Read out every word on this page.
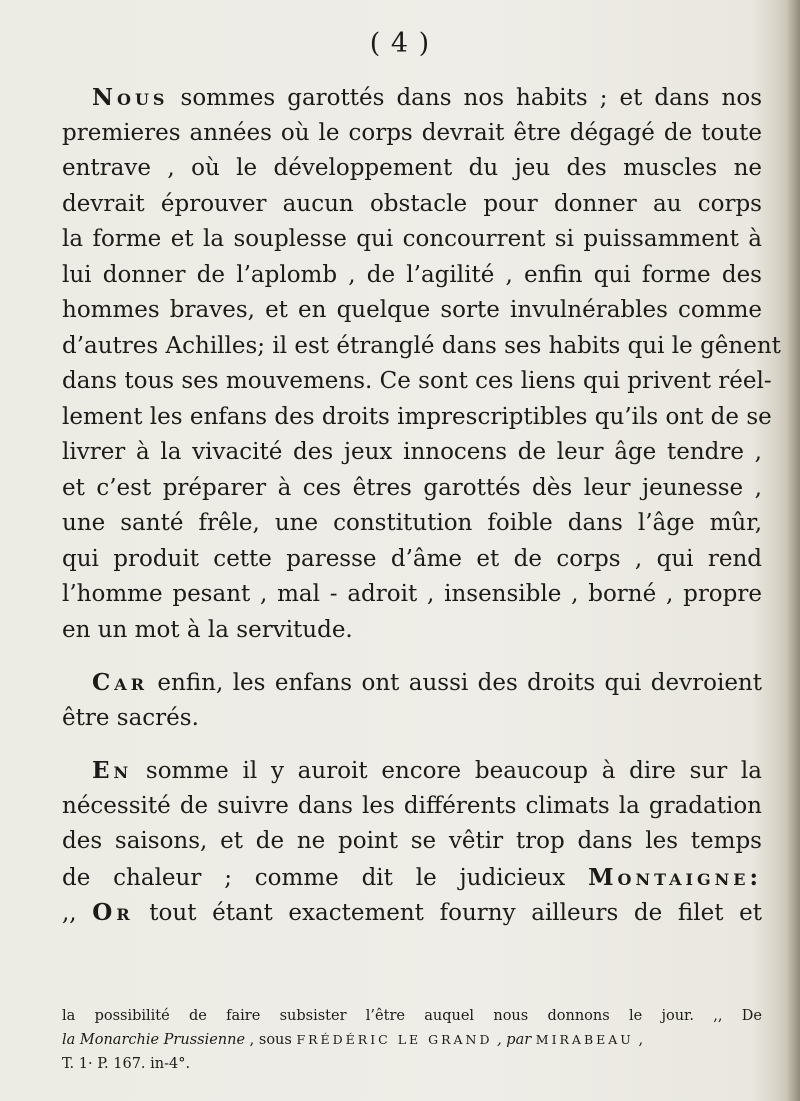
( 4 )
Nous sommes garottés dans nos habits ; et dans nos
premieres années où le corps devrait être dégagé de toute
entrave , où le développement du jeu des muscles ne
devrait éprouver aucun obstacle pour donner au corps
la forme et la souplesse qui concourrent si puissamment à
lui donner de l’aplomb , de l’agilité , enfin qui forme des
hommes braves, et en quelque sorte invulnérables comme
d’autres Achilles; il est étranglé dans ses habits qui le gênent
dans tous ses mouvemens. Ce sont ces liens qui privent réel-
lement les enfans des droits imprescriptibles qu’ils ont de se
livrer à la vivacité des jeux innocens de leur âge tendre ,
et c’est préparer à ces êtres garottés dès leur jeunesse ,
une santé frêle, une constitution foible dans l’âge mûr,
qui produit cette paresse d’âme et de corps , qui rend
l’homme pesant , mal - adroit , insensible , borné , propre
en un mot à la servitude.
Car enfin, les enfans ont aussi des droits qui devroient
être sacrés.
En somme il y auroit encore beaucoup à dire sur la
nécessité de suivre dans les différents climats la gradation
des saisons, et de ne point se vêtir trop dans les temps
de chaleur ; comme dit le judicieux Montaigne:
,, Or tout étant exactement fourny ailleurs de filet et
la possibilité de faire subsister l’être auquel nous donnons le jour. ,, De
la Monarchie Prussienne , sous FRÉDÉRIC LE GRAND , par MIRABEAU ,
T. 1· P. 167. in-4°.
